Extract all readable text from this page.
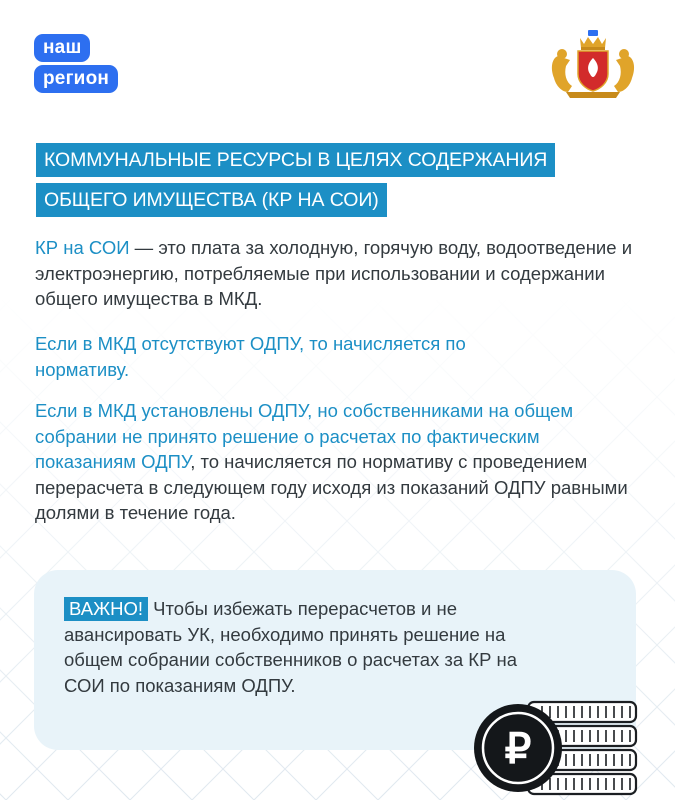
наш
регион
КОММУНАЛЬНЫЕ РЕСУРСЫ В ЦЕЛЯХ СОДЕРЖАНИЯ
ОБЩЕГО ИМУЩЕСТВА (КР НА СОИ)

КР на СОИ — это плата за холодную, горячую воду, водоотведение и электроэнергию, потребляемые при использовании и содержании общего имущества в МКД.

Если в МКД отсутствуют ОДПУ, то начисляется по нормативу.

Если в МКД установлены ОДПУ, но собственниками на общем собрании не принято решение о расчетах по фактическим показаниям ОДПУ, то начисляется по нормативу с проведением перерасчета в следующем году исходя из показаний ОДПУ равными долями в течение года.

ВАЖНО! Чтобы избежать перерасчетов и не авансировать УК, необходимо принять решение на общем собрании собственников о расчетах за КР на СОИ по показаниям ОДПУ.

₽
